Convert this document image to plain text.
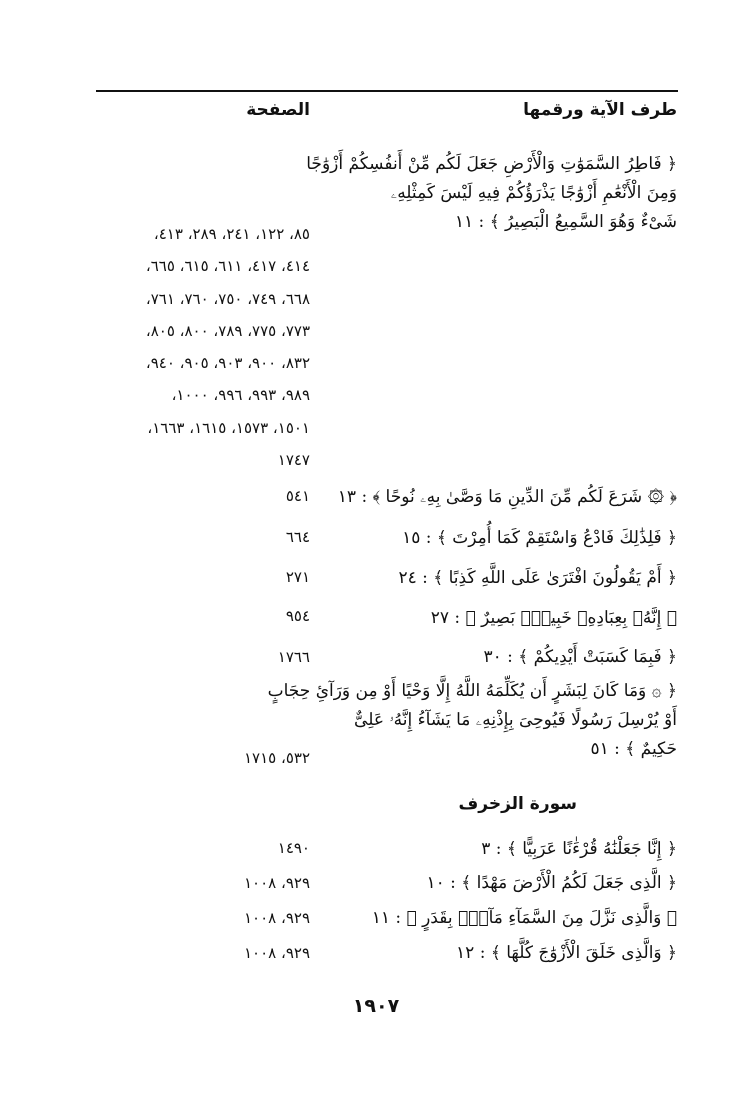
طرف الآية ورقمها
الصفحة
﴿ فَاطِرُ السَّمَوَٰتِ وَالْأَرْضِ جَعَلَ لَكُم مِّنْ أَنفُسِكُمْ أَزْوَٰجًا
وَمِنَ الْأَنْعَٰمِ أَزْوَٰجًا يَذْرَؤُكُمْ فِيهِ لَيْسَ كَمِثْلِهِۦ
شَىْءٌ وَهُوَ السَّمِيعُ الْبَصِيرُ ﴾ : ١١
٨٥، ١٢٢، ٢٤١، ٢٨٩، ٤١٣،
٤١٤، ٤١٧، ٦١١، ٦١٥، ٦٦٥،
٦٦٨، ٧٤٩، ٧٥٠، ٧٦٠، ٧٦١،
٧٧٣، ٧٧٥، ٧٨٩، ٨٠٠، ٨٠٥،
٨٣٢، ٩٠٠، ٩٠٣، ٩٠٥، ٩٤٠،
٩٨٩، ٩٩٣، ٩٩٦، ١٠٠٠،
١٥٠١، ١٥٧٣، ١٦١٥، ١٦٦٣،
١٧٤٧
﴿ ۞ شَرَعَ لَكُم مِّنَ الدِّينِ مَا وَصَّىٰ بِهِۦ نُوحًا ﴾ : ١٣
٥٤١
﴿ فَلِذَٰلِكَ فَادْعُ وَاسْتَقِمْ كَمَا أُمِرْتَ ﴾ : ١٥
٦٦٤
﴿ أَمْ يَقُولُونَ افْتَرَىٰ عَلَى اللَّهِ كَذِبًا ﴾ : ٢٤
٢٧١
﴿ إِنَّهُۥ بِعِبَادِهِۦ خَبِيرٌۢ بَصِيرٌ ﴾ : ٢٧
٩٥٤
﴿ فَبِمَا كَسَبَتْ أَيْدِيكُمْ ﴾ : ٣٠
١٧٦٦
﴿ ۞ وَمَا كَانَ لِبَشَرٍ أَن يُكَلِّمَهُ اللَّهُ إِلَّا وَحْيًا أَوْ مِن وَرَآئِ حِجَابٍ
أَوْ يُرْسِلَ رَسُولًا فَيُوحِىَ بِإِذْنِهِۦ مَا يَشَآءُ إِنَّهُۥ عَلِىٌّ
حَكِيمٌ ﴾ : ٥١
٥٣٢، ١٧١٥
سورة الزخرف
﴿ إِنَّا جَعَلْنَٰهُ قُرْءَٰنًا عَرَبِيًّا ﴾ : ٣
١٤٩٠
﴿ الَّذِى جَعَلَ لَكُمُ الْأَرْضَ مَهْدًا ﴾ : ١٠
٩٢٩، ١٠٠٨
﴿ وَالَّذِى نَزَّلَ مِنَ السَّمَآءِ مَآءًۢ بِقَدَرٍ ﴾ : ١١
٩٢٩، ١٠٠٨
﴿ وَالَّذِى خَلَقَ الْأَزْوَٰجَ كُلَّهَا ﴾ : ١٢
٩٢٩، ١٠٠٨
١٩٠٧
